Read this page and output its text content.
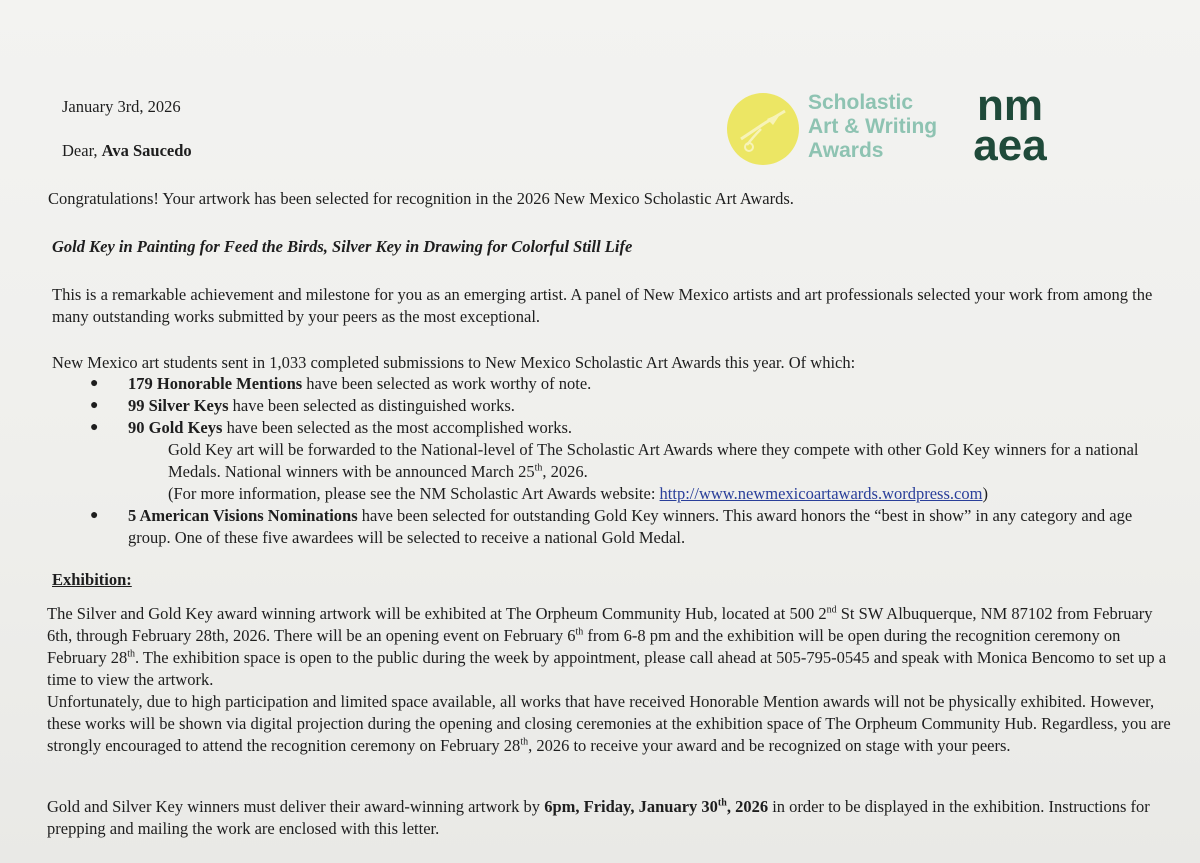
Scholastic
Art & Writing
Awards
nm
aea

January 3rd, 2026

Dear, Ava Saucedo

Congratulations! Your artwork has been selected for recognition in the 2026 New Mexico Scholastic Art Awards.

Gold Key in Painting for Feed the Birds, Silver Key in Drawing for Colorful Still Life

This is a remarkable achievement and milestone for you as an emerging artist. A panel of New Mexico artists and art professionals selected your work from among the many outstanding works submitted by your peers as the most exceptional.

New Mexico art students sent in 1,033 completed submissions to New Mexico Scholastic Art Awards this year. Of which:

● 179 Honorable Mentions have been selected as work worthy of note.
● 99 Silver Keys have been selected as distinguished works.
● 90 Gold Keys have been selected as the most accomplished works.
Gold Key art will be forwarded to the National-level of The Scholastic Art Awards where they compete with other Gold Key winners for a national Medals. National winners with be announced March 25th, 2026.
(For more information, please see the NM Scholastic Art Awards website: http://www.newmexicoartawards.wordpress.com)
● 5 American Visions Nominations have been selected for outstanding Gold Key winners. This award honors the “best in show” in any category and age group. One of these five awardees will be selected to receive a national Gold Medal.

Exhibition:

The Silver and Gold Key award winning artwork will be exhibited at The Orpheum Community Hub, located at 500 2nd St SW Albuquerque, NM 87102 from February 6th, through February 28th, 2026. There will be an opening event on February 6th from 6-8 pm and the exhibition will be open during the recognition ceremony on February 28th. The exhibition space is open to the public during the week by appointment, please call ahead at 505-795-0545 and speak with Monica Bencomo to set up a time to view the artwork.
Unfortunately, due to high participation and limited space available, all works that have received Honorable Mention awards will not be physically exhibited. However, these works will be shown via digital projection during the opening and closing ceremonies at the exhibition space of The Orpheum Community Hub. Regardless, you are strongly encouraged to attend the recognition ceremony on February 28th, 2026 to receive your award and be recognized on stage with your peers.

Gold and Silver Key winners must deliver their award-winning artwork by 6pm, Friday, January 30th, 2026 in order to be displayed in the exhibition. Instructions for prepping and mailing the work are enclosed with this letter.
